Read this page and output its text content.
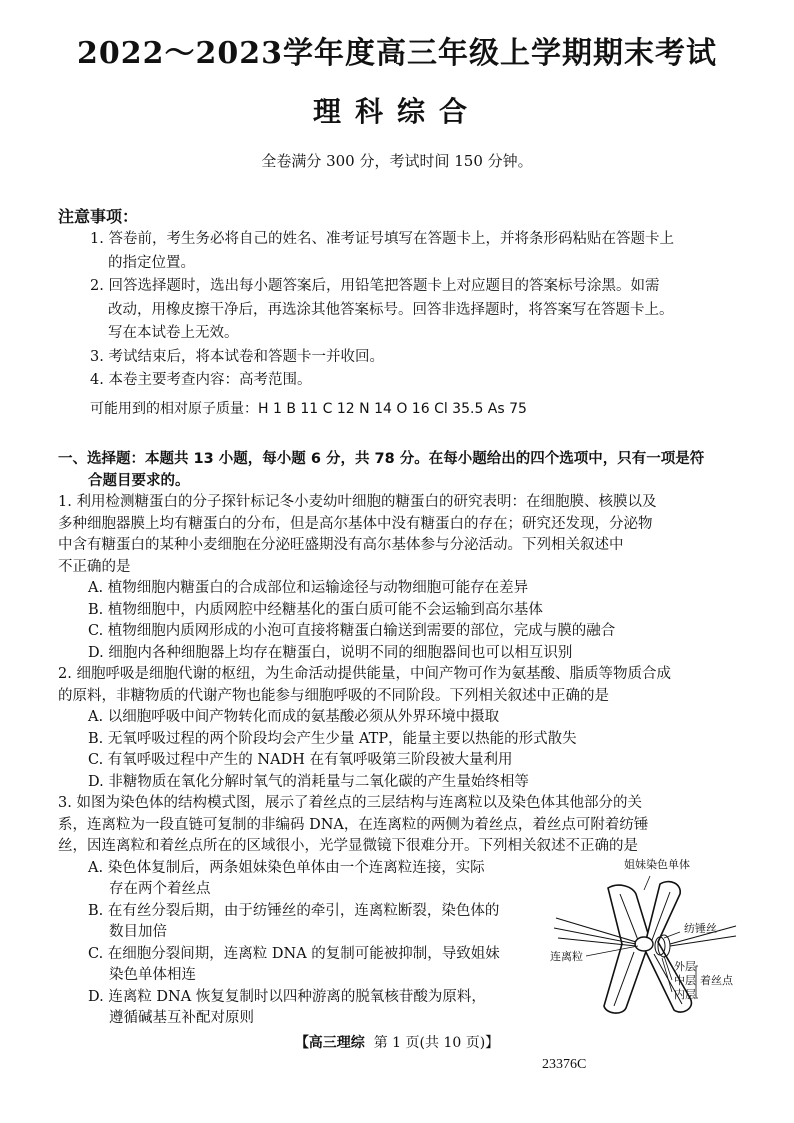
2022～2023学年度高三年级上学期期末考试
理科综合
全卷满分 300 分，考试时间 150 分钟。
注意事项：

1. 答卷前，考生务必将自己的姓名、准考证号填写在答题卡上，并将条形码粘贴在答题卡上

的指定位置。

2. 回答选择题时，选出每小题答案后，用铅笔把答题卡上对应题目的答案标号涂黑。如需

改动，用橡皮擦干净后，再选涂其他答案标号。回答非选择题时，将答案写在答题卡上。

写在本试卷上无效。

3. 考试结束后，将本试卷和答题卡一并收回。

4. 本卷主要考查内容：高考范围。

可能用到的相对原子质量：H 1 B 11 C 12 N 14 O 16 Cl 35.5 As 75
一、选择题：本题共 13 小题，每小题 6 分，共 78 分。在每小题给出的四个选项中，只有一项是符
合题目要求的。

1. 利用检测糖蛋白的分子探针标记冬小麦幼叶细胞的糖蛋白的研究表明：在细胞膜、核膜以及

多种细胞器膜上均有糖蛋白的分布，但是高尔基体中没有糖蛋白的存在；研究还发现，分泌物

中含有糖蛋白的某种小麦细胞在分泌旺盛期没有高尔基体参与分泌活动。下列相关叙述中

不正确的是

A. 植物细胞内糖蛋白的合成部位和运输途径与动物细胞可能存在差异

B. 植物细胞中，内质网腔中经糖基化的蛋白质可能不会运输到高尔基体

C. 植物细胞内质网形成的小泡可直接将糖蛋白输送到需要的部位，完成与膜的融合

D. 细胞内各种细胞器上均存在糖蛋白，说明不同的细胞器间也可以相互识别

2. 细胞呼吸是细胞代谢的枢纽，为生命活动提供能量，中间产物可作为氨基酸、脂质等物质合成

的原料，非糖物质的代谢产物也能参与细胞呼吸的不同阶段。下列相关叙述中正确的是

A. 以细胞呼吸中间产物转化而成的氨基酸必须从外界环境中摄取

B. 无氧呼吸过程的两个阶段均会产生少量 ATP，能量主要以热能的形式散失

C. 有氧呼吸过程中产生的 NADH 在有氧呼吸第三阶段被大量利用

D. 非糖物质在氧化分解时氧气的消耗量与二氧化碳的产生量始终相等

3. 如图为染色体的结构模式图，展示了着丝点的三层结构与连离粒以及染色体其他部分的关

系，连离粒为一段直链可复制的非编码 DNA，在连离粒的两侧为着丝点，着丝点可附着纺锤

丝，因连离粒和着丝点所在的区域很小，光学显微镜下很难分开。下列相关叙述不正确的是

A. 染色体复制后，两条姐妹染色单体由一个连离粒连接，实际

存在两个着丝点

B. 在有丝分裂后期，由于纺锤丝的牵引，连离粒断裂，染色体的

数目加倍

C. 在细胞分裂间期，连离粒 DNA 的复制可能被抑制，导致姐妹

染色单体相连

D. 连离粒 DNA 恢复复制时以四种游离的脱氧核苷酸为原料，

遵循碱基互补配对原则

姐妹染色单体
纺锤丝
连离粒
外层
中层
内层
着丝点
【高三理综 第 1 页(共 10 页)】
23376C
